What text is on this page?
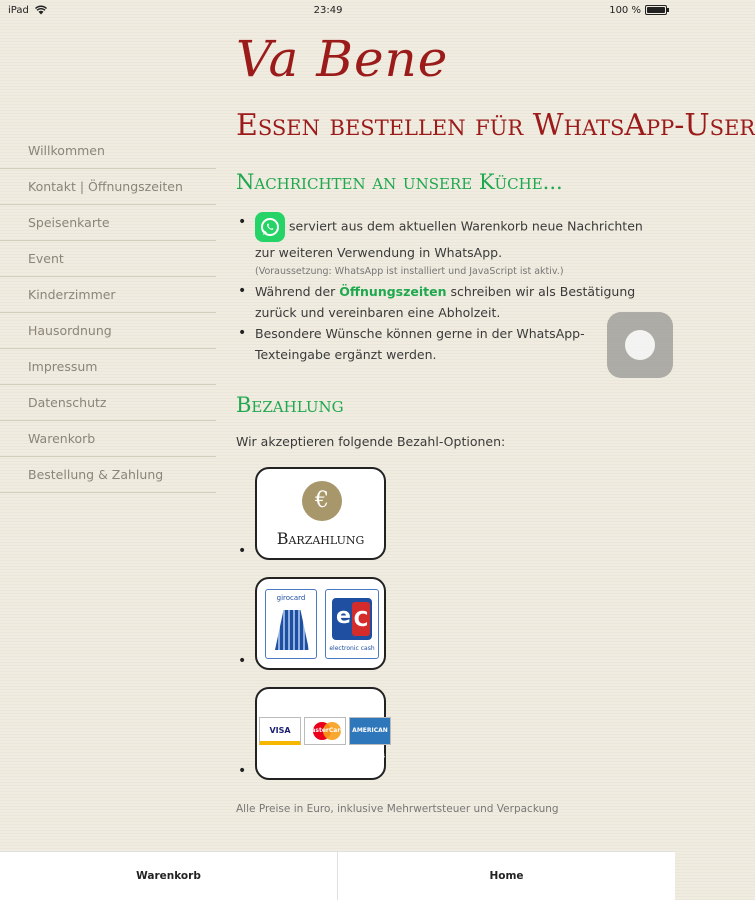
iPad	23:49	100 %
Va Bene
Essen bestellen für WhatsApp-User
Willkommen
Kontakt | Öffnungszeiten
Speisenkarte
Event
Kinderzimmer
Hausordnung
Impressum
Datenschutz
Warenkorb
Bestellung & Zahlung
Nachrichten an unsere Küche...
• serviert aus dem aktuellen Warenkorb neue Nachrichten zur weiteren Verwendung in WhatsApp.
(Voraussetzung: WhatsApp ist installiert und JavaScript ist aktiv.)
• Während der Öffnungszeiten schreiben wir als Bestätigung zurück und vereinbaren eine Abholzeit.
• Besondere Wünsche können gerne in der WhatsApp-Texteingabe ergänzt werden.
Bezahlung
Wir akzeptieren folgende Bezahl-Optionen:
• €
Barzahlung
• girocard
e C
electronic cash
• VISA	MasterCard	AMERICAN EXPRESS
Alle Preise in Euro, inklusive Mehrwertsteuer und Verpackung
Warenkorb	Home
